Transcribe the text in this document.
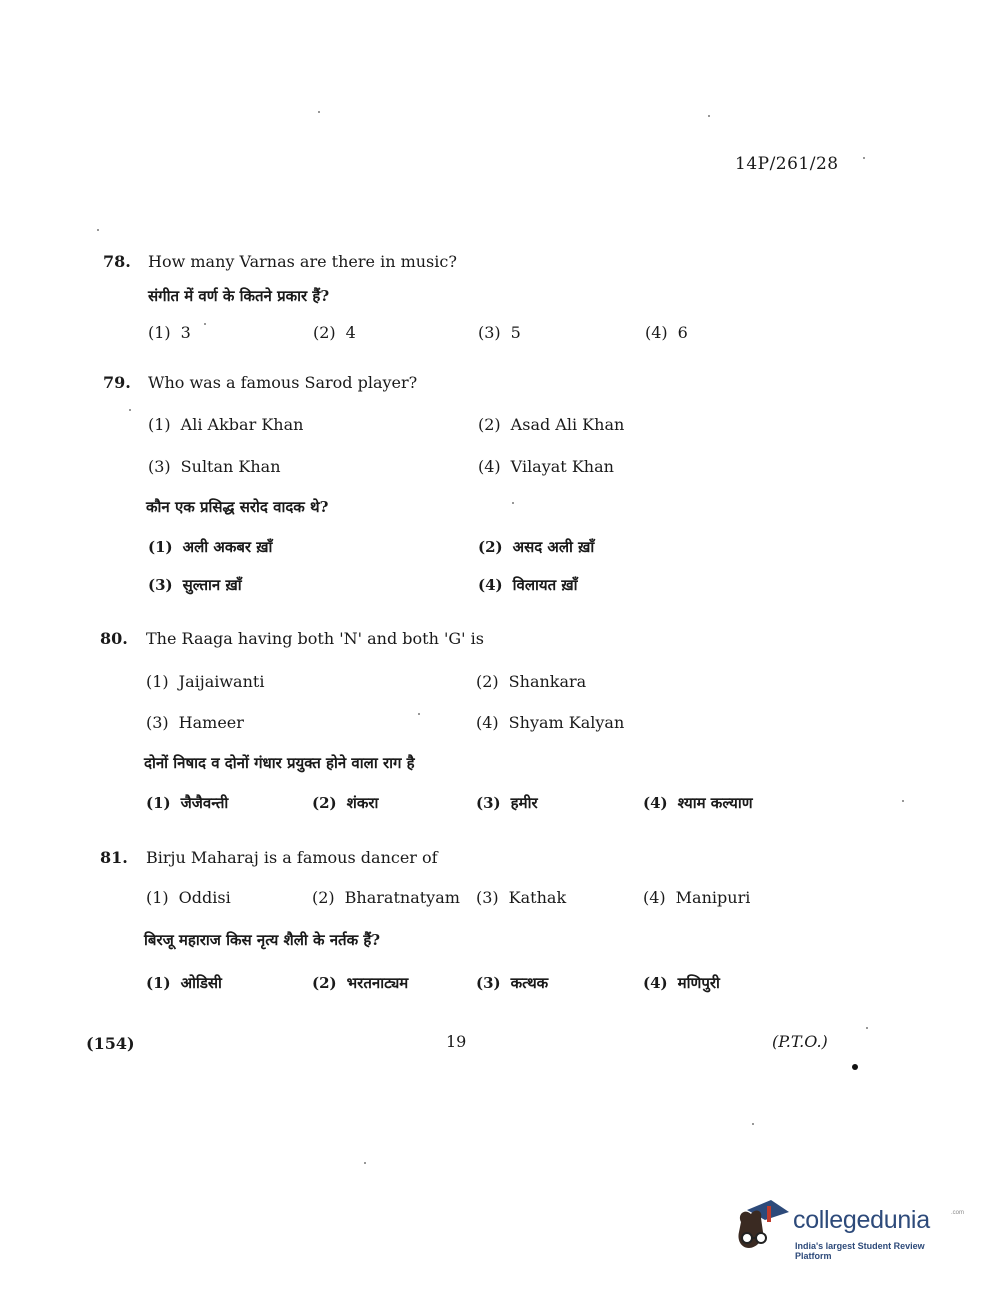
14P/261/28
78. How many Varnas are there in music?
संगीत में वर्ण के कितने प्रकार हैं?
(1) 3	(2) 4	(3) 5	(4) 6
79. Who was a famous Sarod player?
(1) Ali Akbar Khan	(2) Asad Ali Khan
(3) Sultan Khan	(4) Vilayat Khan
कौन एक प्रसिद्ध सरोद वादक थे?
(1) अली अकबर ख़ाँ	(2) असद अली ख़ाँ
(3) सुल्तान ख़ाँ	(4) विलायत ख़ाँ
80. The Raaga having both 'N' and both 'G' is
(1) Jaijaiwanti	(2) Shankara
(3) Hameer	(4) Shyam Kalyan
दोनों निषाद व दोनों गंधार प्रयुक्त होने वाला राग है
(1) जैजैवन्ती	(2) शंकरा	(3) हमीर	(4) श्याम कल्याण
81. Birju Maharaj is a famous dancer of
(1) Oddisi	(2) Bharatnatyam (3) Kathak	(4) Manipuri
बिरजू महाराज किस नृत्य शैली के नर्तक हैं?
(1) ओडिसी	(2) भरतनाट्यम	(3) कत्थक	(4) मणिपुरी
(154)	19	(P.T.O.)
collegedunia	.com
India's largest Student Review Platform
